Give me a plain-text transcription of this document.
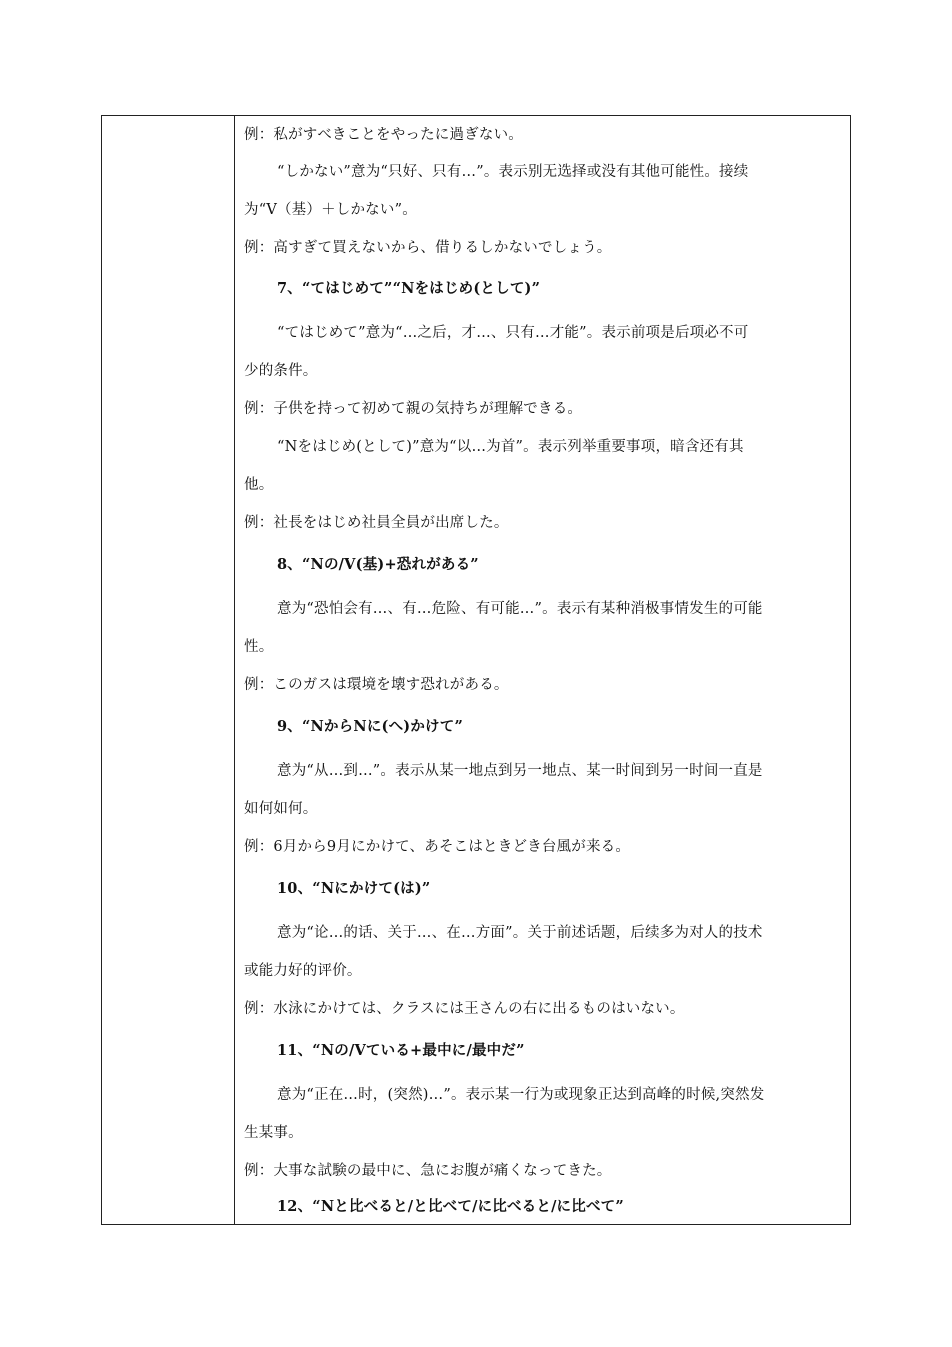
例：私がすべきことをやったに過ぎない。
“しかない”意为“只好、只有…”。表示别无选择或没有其他可能性。接续
为“V（基）＋しかない”。
例：高すぎて買えないから、借りるしかないでしょう。
7、“てはじめて”“Nをはじめ(として)”
“てはじめて”意为“…之后，才…、只有…才能”。表示前项是后项必不可
少的条件。
例：子供を持って初めて親の気持ちが理解できる。
“Nをはじめ(として)”意为“以…为首”。表示列举重要事项，暗含还有其
他。
例：社長をはじめ社員全員が出席した。
8、“Nの/V(基)+恐れがある”
意为“恐怕会有…、有…危险、有可能…”。表示有某种消极事情发生的可能
性。
例：このガスは環境を壊す恐れがある。
9、“NからNに(へ)かけて”
意为“从…到…”。表示从某一地点到另一地点、某一时间到另一时间一直是
如何如何。
例：6月から9月にかけて、あそこはときどき台風が来る。
10、“Nにかけて(は)”
意为“论…的话、关于…、在…方面”。关于前述话题，后续多为对人的技术
或能力好的评价。
例：水泳にかけては、クラスには王さんの右に出るものはいない。
11、“Nの/Vている+最中に/最中だ”
意为“正在…时，(突然)…”。表示某一行为或现象正达到高峰的时候,突然发
生某事。
例：大事な試験の最中に、急にお腹が痛くなってきた。
12、“Nと比べると/と比べて/に比べると/に比べて”
